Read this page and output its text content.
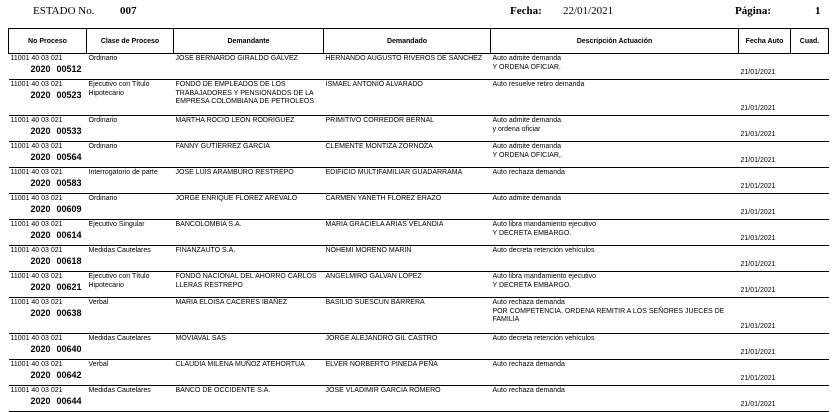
ESTADO No. 007	Fecha: 22/01/2021	Página:	1
No Proceso	Clase de Proceso	Demandante	Demandado	Descripción Actuación	Fecha Auto	Cuad.

11001 40 03 021
2020 00512	Ordinario	JOSE BERNARDO GIRALDO GALVEZ	HERNANDO AUGUSTO RIVEROS DE SANCHEZ	Auto admite demanda
Y ORDENA OFICIAR.	21/01/2021	

11001 40 03 021
2020 00523	Ejecutivo con Título Hipotecario	FONDO DE EMPLEADOS DE LOS TRABAJADORES Y PENSIONADOS DE LA EMPRESA COLOMBIANA DE PETROLEOS	ISMAEL ANTONIO ALVARADO	Auto resuelve retiro demanda	21/01/2021	

11001 40 03 021
2020 00533	Ordinario	MARTHA ROCIO LEON RODRIGUEZ	PRIMITIVO CORREDOR BERNAL	Auto admite demanda
y ordena oficiar	21/01/2021	

11001 40 03 021
2020 00564	Ordinario	FANNY GUTIERREZ GARCIA	CLEMENTE MONTIZA ZORNOZA	Auto admite demanda
Y ORDENA OFICIAR,.	21/01/2021	

11001 40 03 021
2020 00583	Interrogatorio de parte	JOSE LUIS ARAMBURO RESTREPO	EDIFICIO MULTIFAMILIAR GUADARRAMA	Auto rechaza demanda	21/01/2021	

11001 40 03 021
2020 00609	Ordinario	JORGE ENRIQUE FLOREZ AREVALO	CARMEN YANETH FLOREZ ERAZO	Auto admite demanda	21/01/2021	

11001 40 03 021
2020 00614	Ejecutivo Singular	BANCOLOMBIA S.A.	MARIA GRACIELA ARIAS VELANDIA	Auto libra mandamiento ejecutivo
Y DECRETA EMBARGO.	21/01/2021	

11001 40 03 021
2020 00618	Medidas Cautelares	FINANZAUTO S.A.	NOHEMI MORENO MARIN	Auto decreta retención vehículos	21/01/2021	

11001 40 03 021
2020 00621	Ejecutivo con Título Hipotecario	FONDO NACIONAL DEL AHORRO CARLOS LLERAS RESTREPO	ANGELMIRO GALVAN LOPEZ	Auto libra mandamiento ejecutivo
Y DECRETA EMBARGO.	21/01/2021	

11001 40 03 021
2020 00638	Verbal	MARIA ELOISA CACERES IBAÑEZ	BASILIO SUESCUN BARRERA	Auto rechaza demanda
POR COMPETENCIA, ORDENA REMITIR A LOS SEÑORES JUECES DE FAMILIA	21/01/2021	

11001 40 03 021
2020 00640	Medidas Cautelares	MOVIAVAL SAS	JORGE ALEJANDRO GIL CASTRO	Auto decreta retención vehículos	21/01/2021	

11001 40 03 021
2020 00642	Verbal	CLAUDIA MILENA MUÑOZ ATEHORTUA	ELVER NORBERTO PINEDA PEÑA	Auto rechaza demanda	21/01/2021	

11001 40 03 021
2020 00644	Medidas Cautelares	BANCO DE OCCIDENTE S.A.	JOSE VLADIMIR GARCIA ROMERO	Auto rechaza demanda	21/01/2021	
